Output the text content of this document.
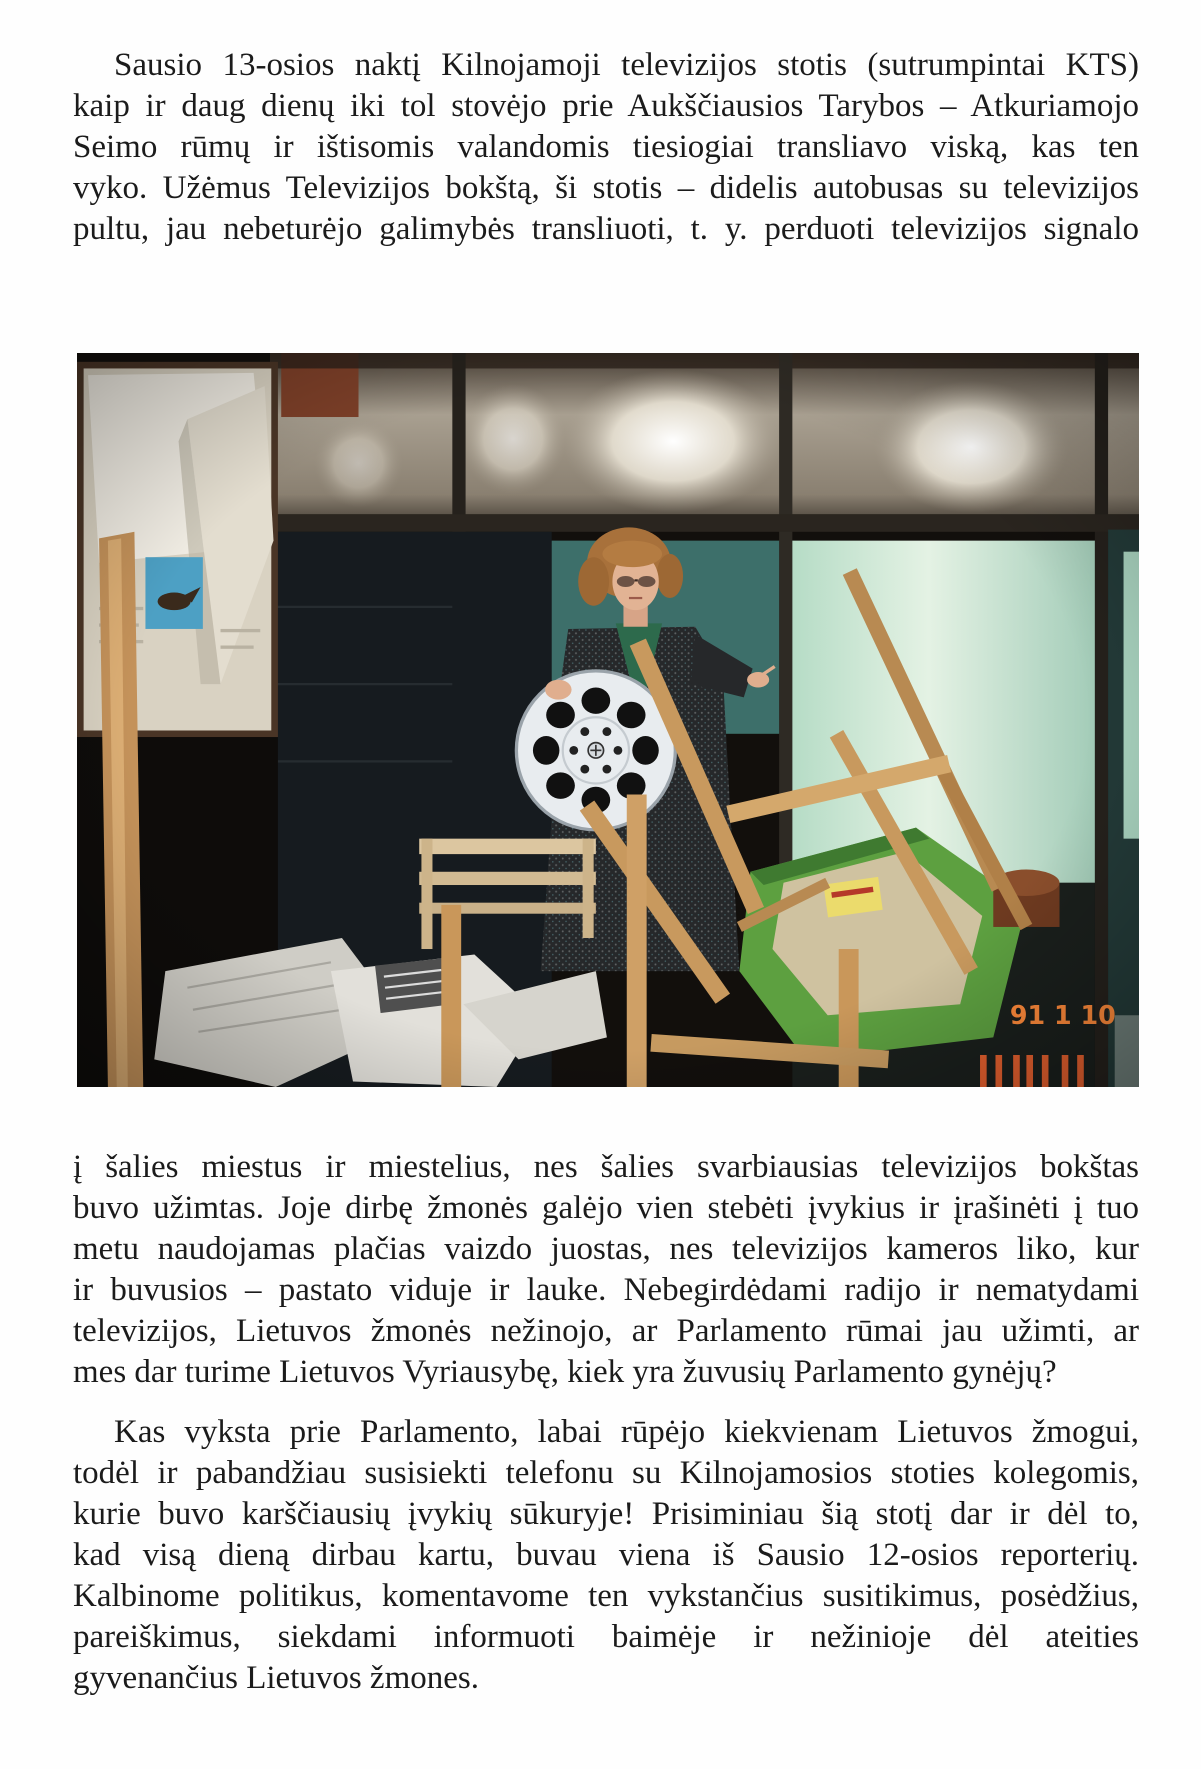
Sausio 13-osios naktį Kilnojamoji televizijos stotis (sutrumpintai KTS)
kaip ir daug dienų iki tol stovėjo prie Aukščiausios Tarybos – Atkuriamojo
Seimo rūmų ir ištisomis valandomis tiesiogiai transliavo viską, kas ten
vyko. Užėmus Televizijos bokštą, ši stotis – didelis autobusas su televizijos
pultu, jau nebeturėjo galimybės transliuoti, t. y. perduoti televizijos signalo
į šalies miestus ir miestelius, nes šalies svarbiausias televizijos bokštas
buvo užimtas. Joje dirbę žmonės galėjo vien stebėti įvykius ir įrašinėti į tuo
metu naudojamas plačias vaizdo juostas, nes televizijos kameros liko, kur
ir buvusios – pastato viduje ir lauke. Nebegirdėdami radijo ir nematydami
televizijos, Lietuvos žmonės nežinojo, ar Parlamento rūmai jau užimti, ar
mes dar turime Lietuvos Vyriausybę, kiek yra žuvusių Parlamento gynėjų?
Kas vyksta prie Parlamento, labai rūpėjo kiekvienam Lietuvos žmogui,
todėl ir pabandžiau susisiekti telefonu su Kilnojamosios stoties kolegomis,
kurie buvo karščiausių įvykių sūkuryje! Prisiminiau šią stotį dar ir dėl to,
kad visą dieną dirbau kartu, buvau viena iš Sausio 12-osios reporterių.
Kalbinome politikus, komentavome ten vykstančius susitikimus, posėdžius,
pareiškimus, siekdami informuoti baimėje ir nežinioje dėl ateities
gyvenančius Lietuvos žmones.
